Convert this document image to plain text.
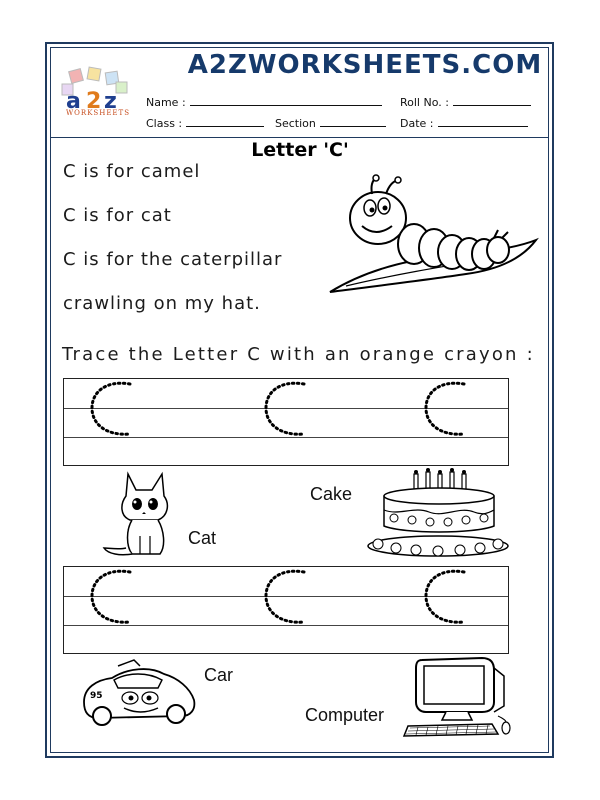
a 2 z
WORKSHEETS
A2ZWORKSHEETS.COM
Name :	Roll No. :
Class :	Section	Date :
Letter 'C'
C is for camel
C is for cat
C is for the caterpillar
crawling on my hat.
Trace the Letter C with an orange crayon :
Cat
Cake
95
Car
Computer
